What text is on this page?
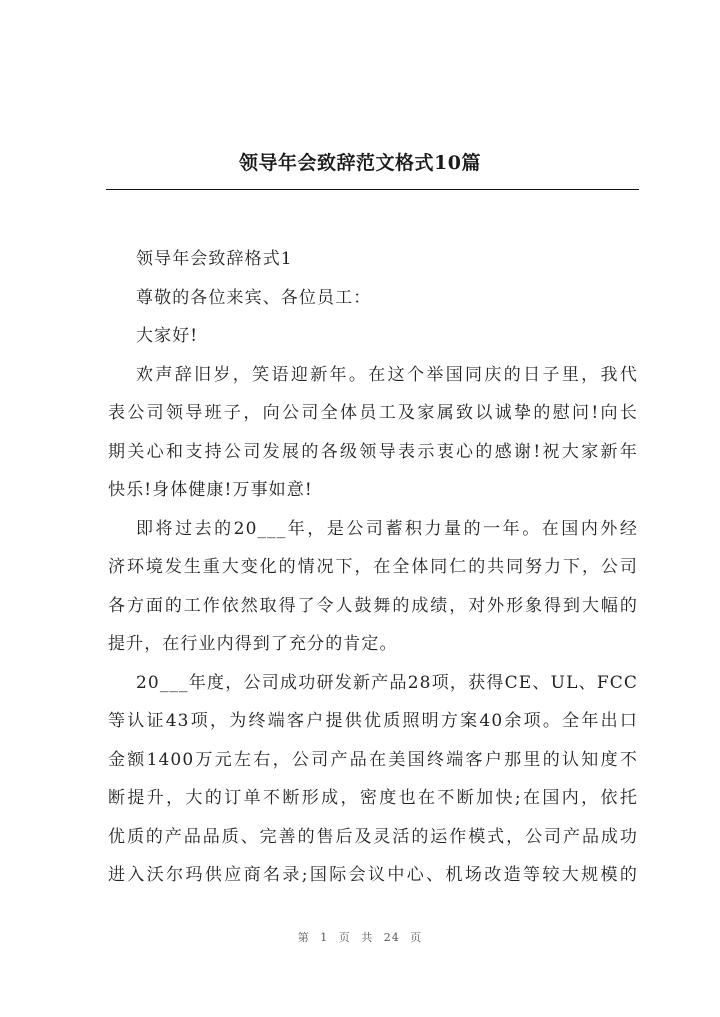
领导年会致辞范文格式10篇
领导年会致辞格式1
尊敬的各位来宾、各位员工：
大家好!
欢声辞旧岁，笑语迎新年。在这个举国同庆的日子里，我代
表公司领导班子，向公司全体员工及家属致以诚挚的慰问!向长
期关心和支持公司发展的各级领导表示衷心的感谢!祝大家新年
快乐!身体健康!万事如意!
即将过去的20___年，是公司蓄积力量的一年。在国内外经
济环境发生重大变化的情况下，在全体同仁的共同努力下，公司
各方面的工作依然取得了令人鼓舞的成绩，对外形象得到大幅的
提升，在行业内得到了充分的肯定。
20___年度，公司成功研发新产品28项，获得CE、UL、FCC
等认证43项，为终端客户提供优质照明方案40余项。全年出口
金额1400万元左右，公司产品在美国终端客户那里的认知度不
断提升，大的订单不断形成，密度也在不断加快;在国内，依托
优质的产品品质、完善的售后及灵活的运作模式，公司产品成功
进入沃尔玛供应商名录;国际会议中心、机场改造等较大规模的
第 1 页 共 24 页
